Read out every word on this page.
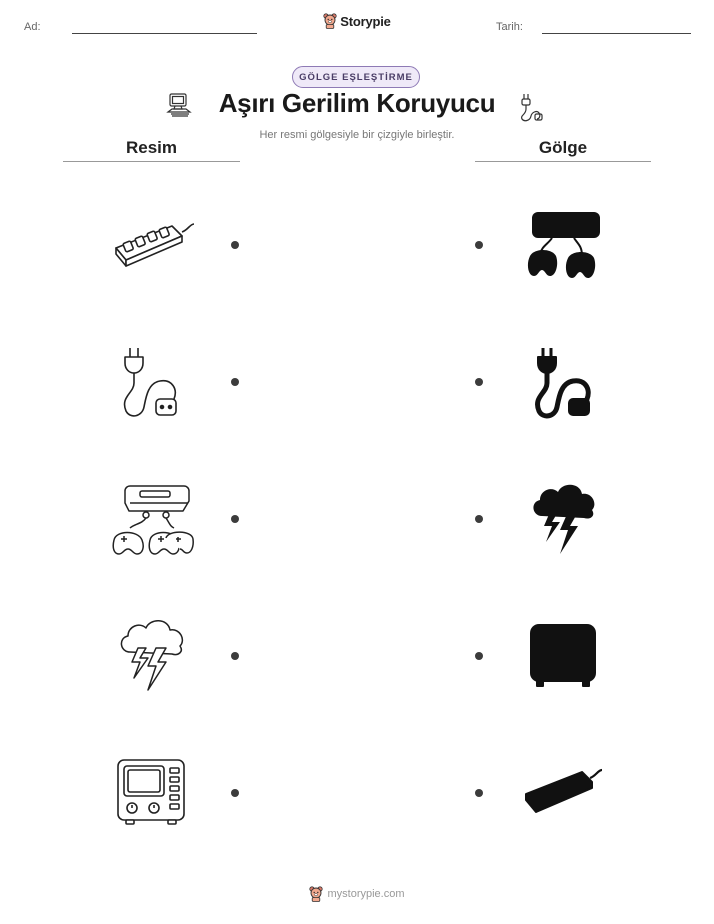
Ad:	Tarih:
Storypie
GÖLGE EŞLEŞTİRME
Aşırı Gerilim Koruyucu
Her resmi gölgesiyle bir çizgiyle birleştir.
Resim	Gölge
mystorypie.com
